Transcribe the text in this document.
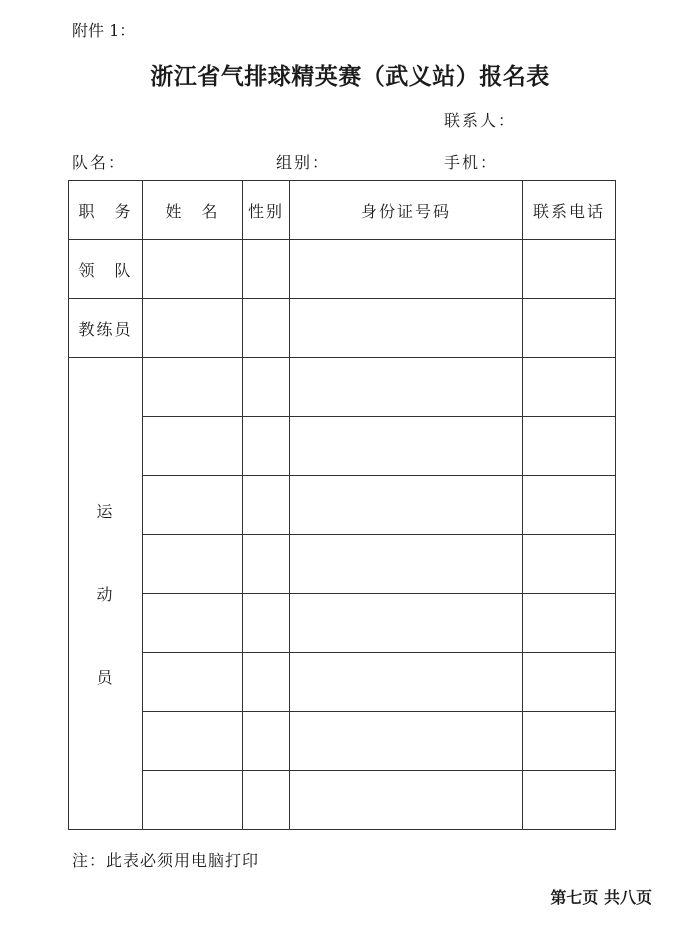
附件 1：
浙江省气排球精英赛（武义站）报名表
联系人：
队名：	组别：	手机：
职　务	姓　名	性别	身份证号码	联系电话
领　队				
教练员				

运
动
员				

注：此表必须用电脑打印
第七页 共八页
